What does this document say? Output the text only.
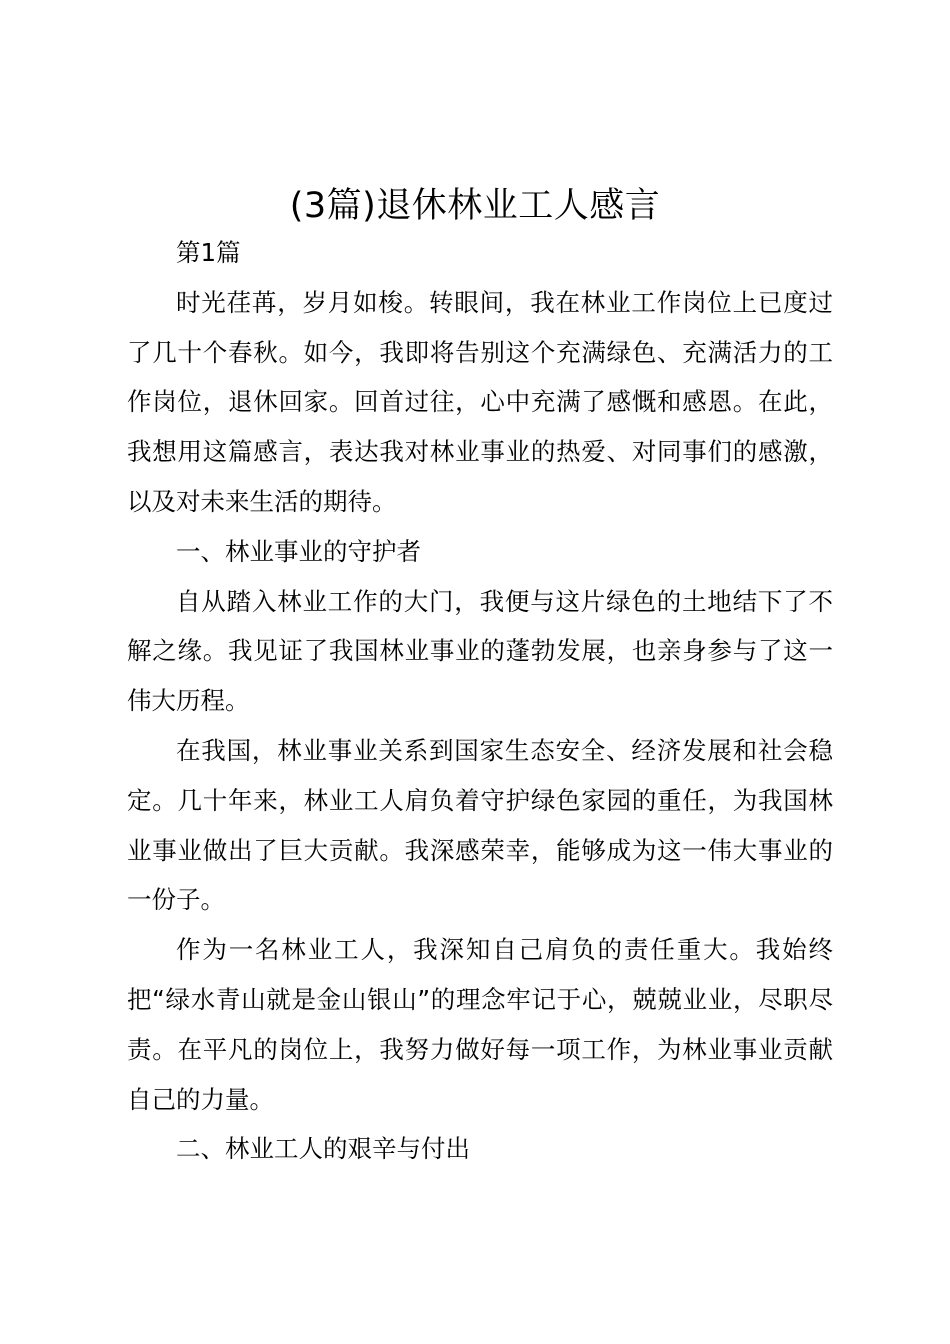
(3篇)退休林业工人感言

第1篇

时光荏苒，岁月如梭。转眼间，我在林业工作岗位上已度过了几十个春秋。如今，我即将告别这个充满绿色、充满活力的工作岗位，退休回家。回首过往，心中充满了感慨和感恩。在此，我想用这篇感言，表达我对林业事业的热爱、对同事们的感激，以及对未来生活的期待。

一、林业事业的守护者

自从踏入林业工作的大门，我便与这片绿色的土地结下了不解之缘。我见证了我国林业事业的蓬勃发展，也亲身参与了这一伟大历程。

在我国，林业事业关系到国家生态安全、经济发展和社会稳定。几十年来，林业工人肩负着守护绿色家园的重任，为我国林业事业做出了巨大贡献。我深感荣幸，能够成为这一伟大事业的一份子。

作为一名林业工人，我深知自己肩负的责任重大。我始终把“绿水青山就是金山银山”的理念牢记于心，兢兢业业，尽职尽责。在平凡的岗位上，我努力做好每一项工作，为林业事业贡献自己的力量。

二、林业工人的艰辛与付出
